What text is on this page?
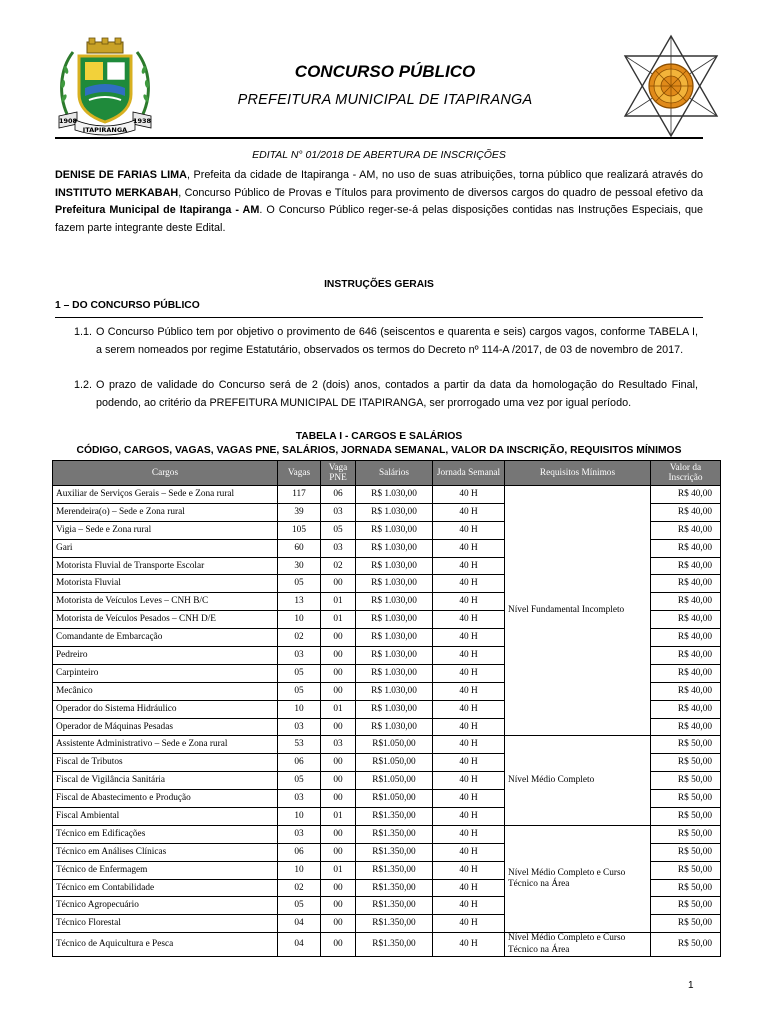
1908	1938
ITAPIRANGA
CONCURSO PÚBLICO
PREFEITURA MUNICIPAL DE ITAPIRANGA
EDITAL N° 01/2018 DE ABERTURA DE INSCRIÇÕES
DENISE DE FARIAS LIMA, Prefeita da cidade de Itapiranga - AM, no uso de suas atribuições, torna público que realizará através do INSTITUTO MERKABAH, Concurso Público de Provas e Títulos para provimento de diversos cargos do quadro de pessoal efetivo da Prefeitura Municipal de Itapiranga - AM. O Concurso Público reger-se-á pelas disposições contidas nas Instruções Especiais, que fazem parte integrante deste Edital.
INSTRUÇÕES GERAIS
1 – DO CONCURSO PÚBLICO
1.1. O Concurso Público tem por objetivo o provimento de 646 (seiscentos e quarenta e seis) cargos vagos, conforme TABELA I, a serem nomeados por regime Estatutário, observados os termos do Decreto nº 114-A /2017, de 03 de novembro de 2017.
1.2. O prazo de validade do Concurso será de 2 (dois) anos, contados a partir da data da homologação do Resultado Final, podendo, ao critério da PREFEITURA MUNICIPAL DE ITAPIRANGA, ser prorrogado uma vez por igual período.
TABELA I - CARGOS E SALÁRIOS
CÓDIGO, CARGOS, VAGAS, VAGAS PNE, SALÁRIOS, JORNADA SEMANAL, VALOR DA INSCRIÇÃO, REQUISITOS MÍNIMOS
Cargos	Vagas	Vaga PNE	Salários	Jornada Semanal	Requisitos Mínimos	Valor da Inscrição
Auxiliar de Serviços Gerais – Sede e Zona rural	117	06	R$ 1.030,00	40 H	Nível Fundamental Incompleto	R$ 40,00
Merendeira(o) – Sede e Zona rural	39	03	R$ 1.030,00	40 H		R$ 40,00
Vigia – Sede e Zona rural	105	05	R$ 1.030,00	40 H		R$ 40,00
Gari	60	03	R$ 1.030,00	40 H		R$ 40,00
Motorista Fluvial de Transporte Escolar	30	02	R$ 1.030,00	40 H		R$ 40,00
Motorista Fluvial	05	00	R$ 1.030,00	40 H		R$ 40,00
Motorista de Veículos Leves – CNH B/C	13	01	R$ 1.030,00	40 H		R$ 40,00
Motorista de Veículos Pesados – CNH D/E	10	01	R$ 1.030,00	40 H		R$ 40,00
Comandante de Embarcação	02	00	R$ 1.030,00	40 H		R$ 40,00
Pedreiro	03	00	R$ 1.030,00	40 H		R$ 40,00
Carpinteiro	05	00	R$ 1.030,00	40 H		R$ 40,00
Mecânico	05	00	R$ 1.030,00	40 H		R$ 40,00
Operador do Sistema Hidráulico	10	01	R$ 1.030,00	40 H		R$ 40,00
Operador de Máquinas Pesadas	03	00	R$ 1.030,00	40 H		R$ 40,00
Assistente Administrativo – Sede e Zona rural	53	03	R$1.050,00	40 H	Nível Médio Completo	R$ 50,00
Fiscal de Tributos	06	00	R$1.050,00	40 H		R$ 50,00
Fiscal de Vigilância Sanitária	05	00	R$1.050,00	40 H		R$ 50,00
Fiscal de Abastecimento e Produção	03	00	R$1.050,00	40 H		R$ 50,00
Fiscal Ambiental	10	01	R$1.350,00	40 H		R$ 50,00
Técnico em Edificações	03	00	R$1.350,00	40 H	Nível Médio Completo e Curso Técnico na Área	R$ 50,00
Técnico em Análises Clínicas	06	00	R$1.350,00	40 H		R$ 50,00
Técnico de Enfermagem	10	01	R$1.350,00	40 H		R$ 50,00
Técnico em Contabilidade	02	00	R$1.350,00	40 H		R$ 50,00
Técnico Agropecuário	05	00	R$1.350,00	40 H		R$ 50,00
Técnico Florestal	04	00	R$1.350,00	40 H		R$ 50,00
Técnico de Aquicultura e Pesca	04	00	R$1.350,00	40 H	Nível Médio Completo e Curso Técnico na Área	R$ 50,00
1
